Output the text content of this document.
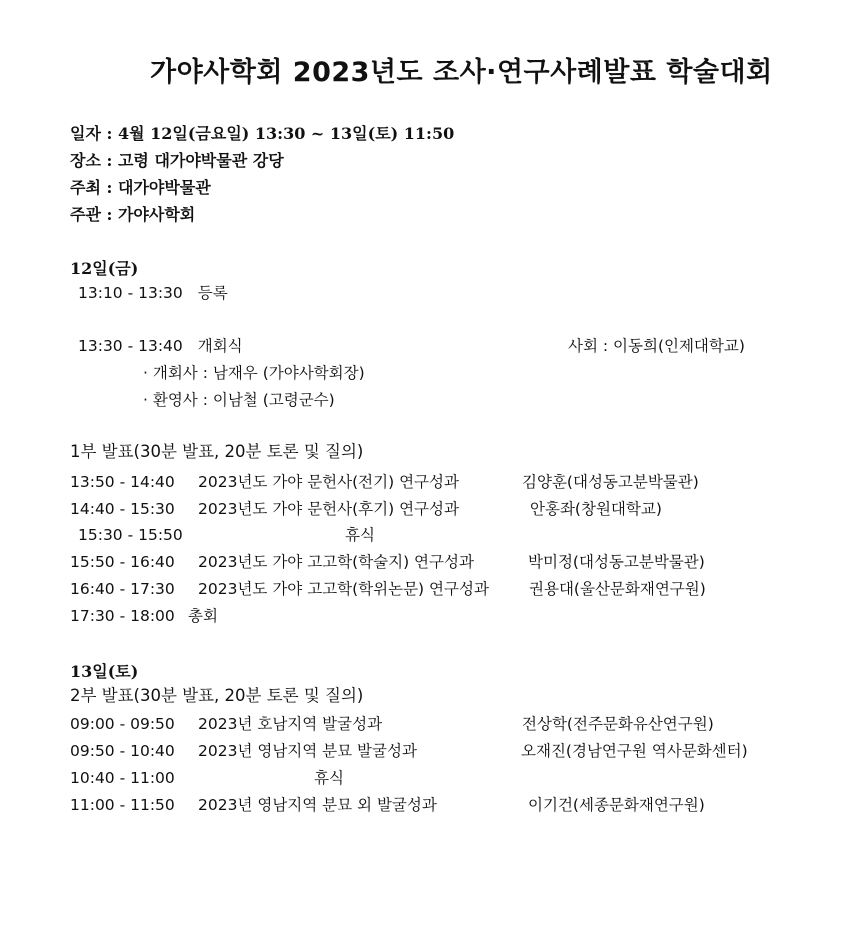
가야사학회 2023년도 조사·연구사례발표 학술대회
일자 : 4월 12일(금요일) 13:30 ~ 13일(토) 11:50
장소 : 고령 대가야박물관 강당
주최 : 대가야박물관
주관 : 가야사학회
12일(금)
13:10 - 13:30 등록
13:30 - 13:40 개회식	사회 : 이동희(인제대학교)
· 개회사 : 남재우 (가야사학회장)
· 환영사 : 이남철 (고령군수)
1부 발표(30분 발표, 20분 토론 및 질의)
13:50 - 14:40 2023년도 가야 문헌사(전기) 연구성과	김양훈(대성동고분박물관)
14:40 - 15:30 2023년도 가야 문헌사(후기) 연구성과	안홍좌(창원대학교)
15:30 - 15:50	휴식
15:50 - 16:40 2023년도 가야 고고학(학술지) 연구성과	박미정(대성동고분박물관)
16:40 - 17:30 2023년도 가야 고고학(학위논문) 연구성과	권용대(울산문화재연구원)
17:30 - 18:00 총회
13일(토)
2부 발표(30분 발표, 20분 토론 및 질의)
09:00 - 09:50 2023년 호남지역 발굴성과	전상학(전주문화유산연구원)
09:50 - 10:40 2023년 영남지역 분묘 발굴성과	오재진(경남연구원 역사문화센터)
10:40 - 11:00	휴식
11:00 - 11:50 2023년 영남지역 분묘 외 발굴성과	이기건(세종문화재연구원)
